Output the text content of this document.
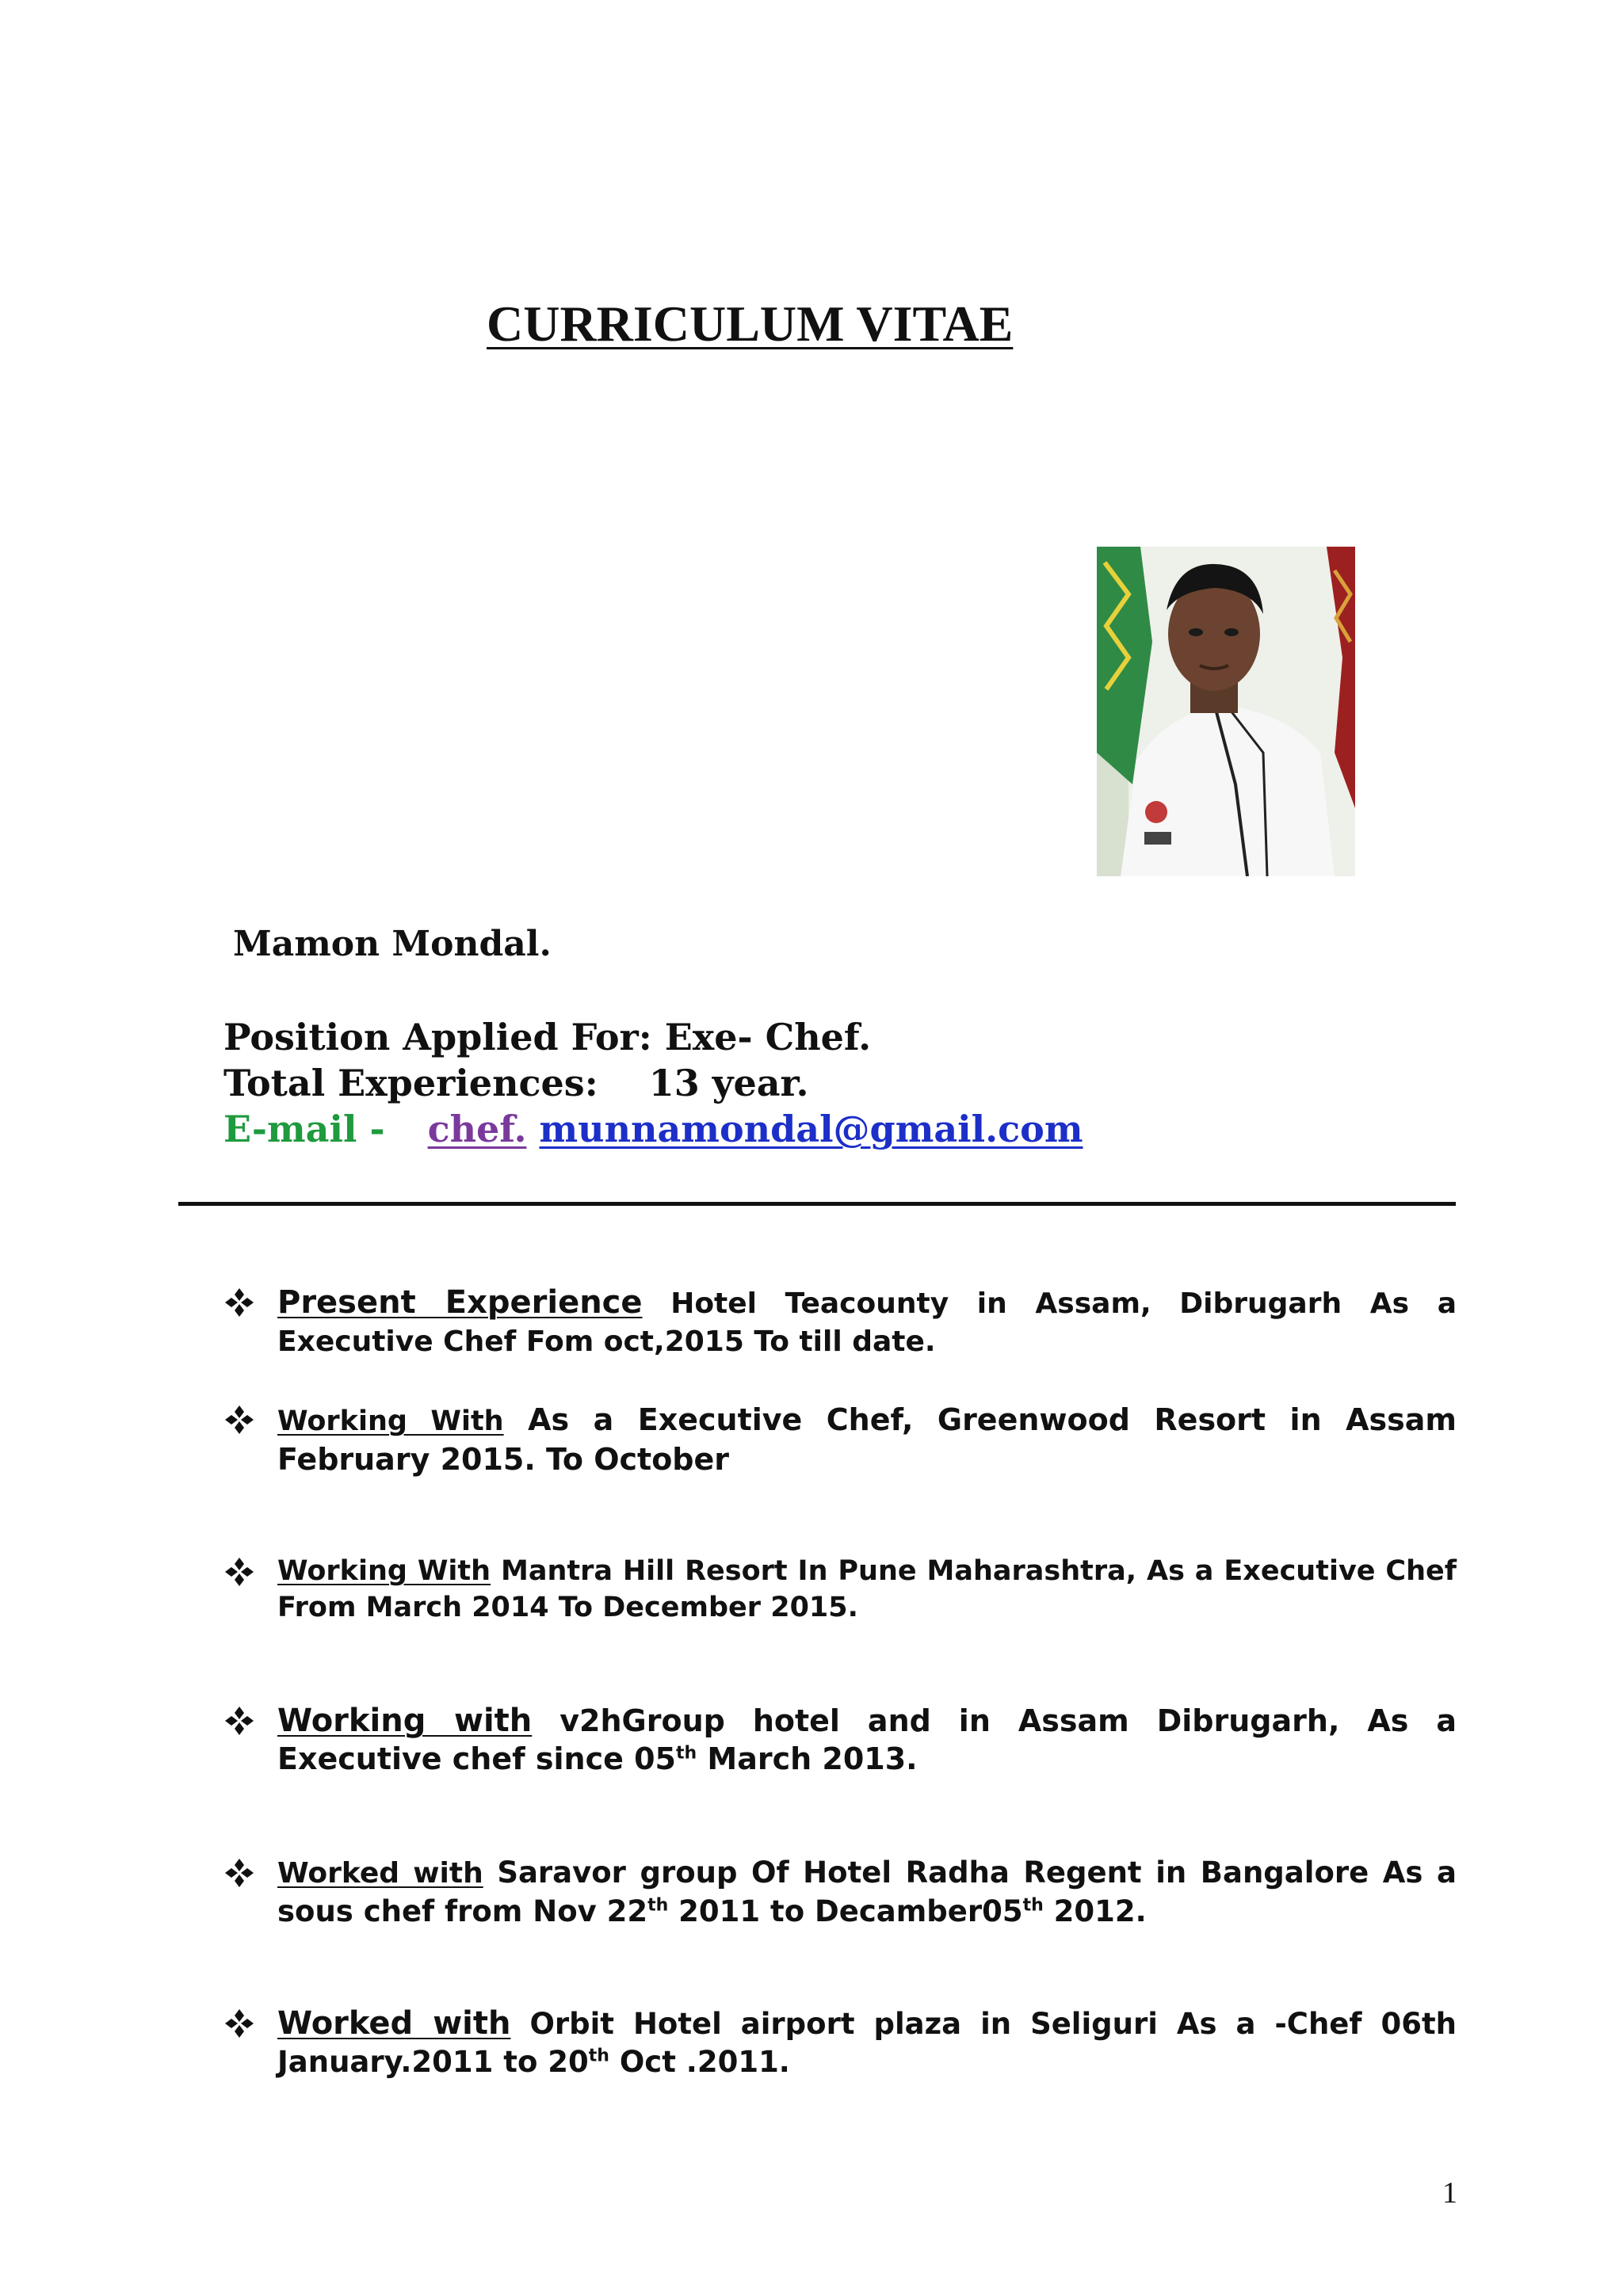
CURRICULUM VITAE
Mamon Mondal.
Position Applied For: Exe- Chef.
Total Experiences: 13 year.
E-mail - chef. munnamondal@gmail.com
Present Experience Hotel Teacounty in Assam, Dibrugarh As a Executive Chef Fom oct,2015 To till date.
Working With As a Executive Chef, Greenwood Resort in Assam February 2015. To October
Working With Mantra Hill Resort In Pune Maharashtra, As a Executive Chef From March 2014 To December 2015.
Working with v2hGroup hotel and in Assam Dibrugarh, As a Executive chef since 05th March 2013.
Worked with Saravor group Of Hotel Radha Regent in Bangalore As a sous chef from Nov 22th 2011 to Decamber05th 2012.
Worked with Orbit Hotel airport plaza in Seliguri As a -Chef 06th January.2011 to 20th Oct .2011.
1
